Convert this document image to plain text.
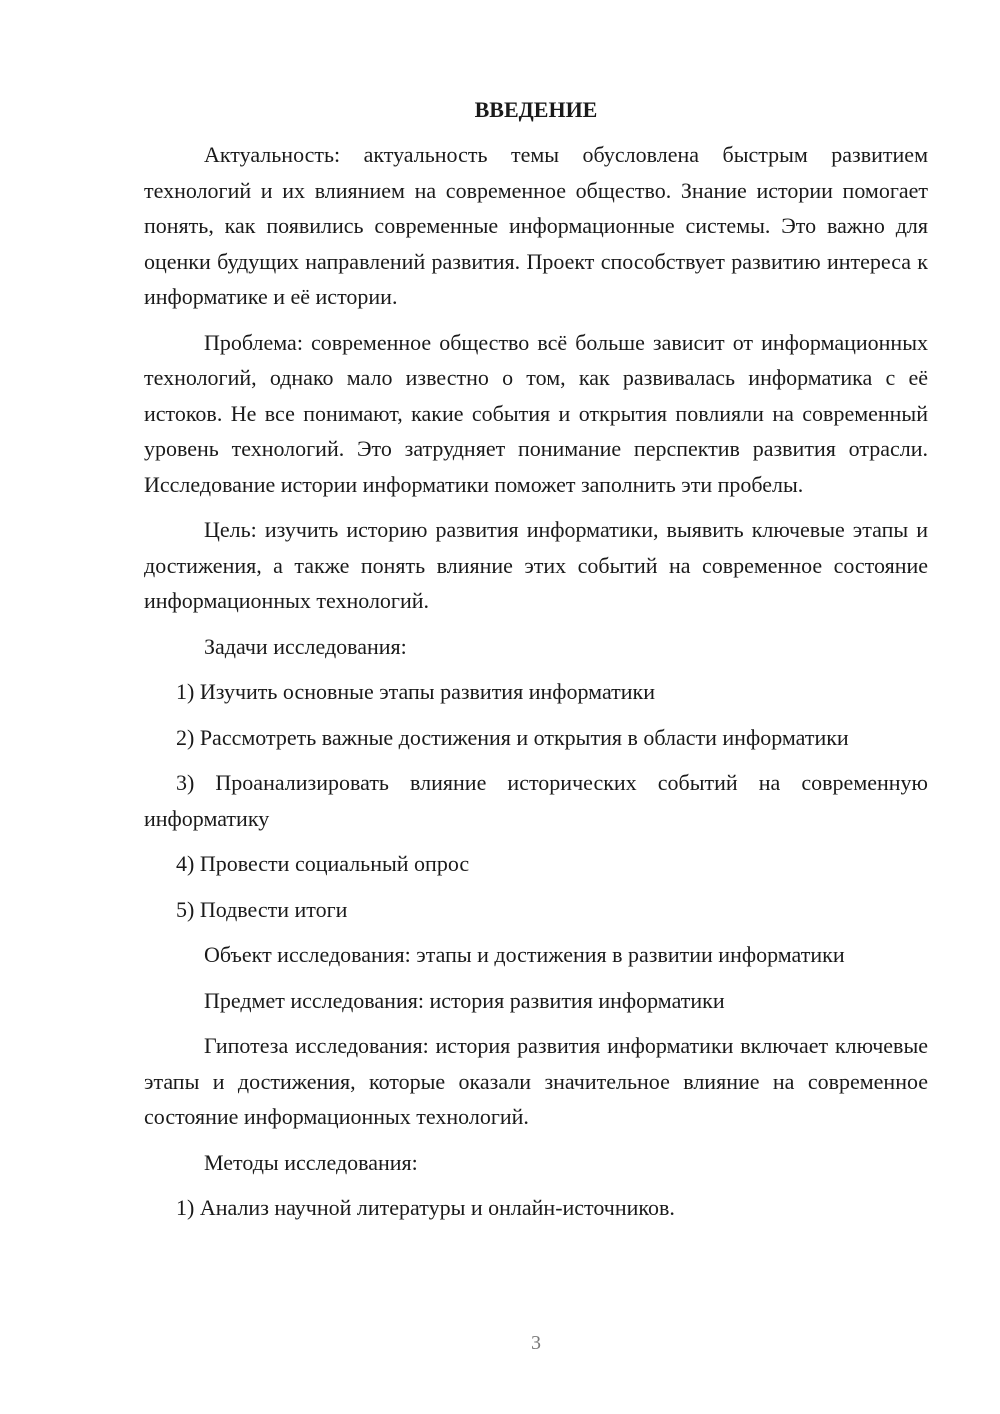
ВВЕДЕНИЕ

Актуальность: актуальность темы обусловлена быстрым развитием технологий и их влиянием на современное общество. Знание истории помогает понять, как появились современные информационные системы. Это важно для оценки будущих направлений развития. Проект способствует развитию интереса к информатике и её истории.

Проблема: современное общество всё больше зависит от информационных технологий, однако мало известно о том, как развивалась информатика с её истоков. Не все понимают, какие события и открытия повлияли на современный уровень технологий. Это затрудняет понимание перспектив развития отрасли. Исследование истории информатики поможет заполнить эти пробелы.

Цель: изучить историю развития информатики, выявить ключевые этапы и достижения, а также понять влияние этих событий на современное состояние информационных технологий.

Задачи исследования:

1) Изучить основные этапы развития информатики

2) Рассмотреть важные достижения и открытия в области информатики

3) Проанализировать влияние исторических событий на современную информатику

4) Провести социальный опрос

5) Подвести итоги

Объект исследования: этапы и достижения в развитии информатики

Предмет исследования: история развития информатики

Гипотеза исследования: история развития информатики включает ключевые этапы и достижения, которые оказали значительное влияние на современное состояние информационных технологий.

Методы исследования:

1) Анализ научной литературы и онлайн-источников.

3
